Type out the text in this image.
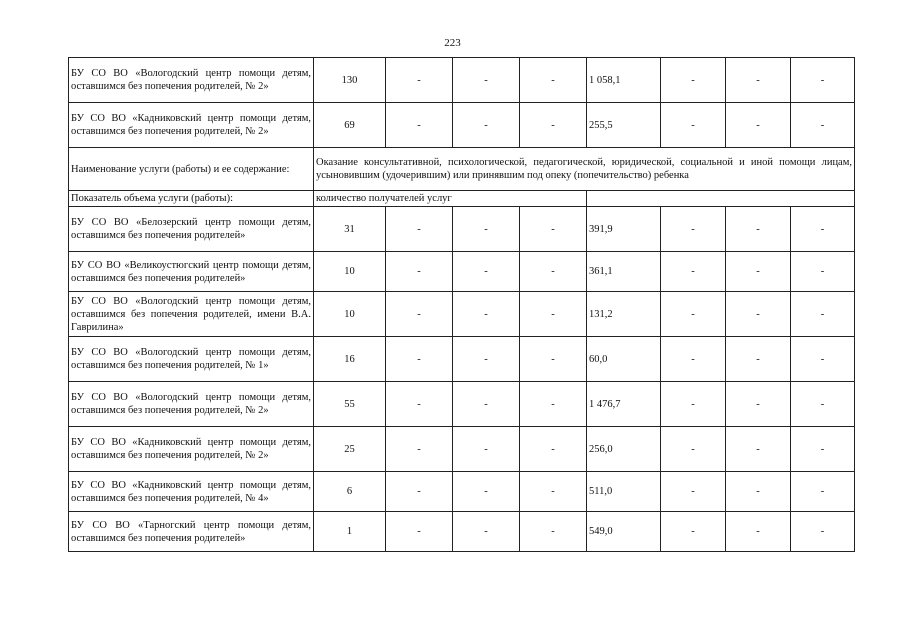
223
БУ СО ВО «Вологодский центр помощи детям, оставшимся без попечения родителей, № 2»	130	-	-	-	1 058,1	-	-	-
БУ СО ВО «Кадниковский центр помощи детям, оставшимся без попечения родителей, № 2»	69	-	-	-	255,5	-	-	-
Наименование услуги (работы) и ее содержание:	Оказание консультативной, психологической, педагогической, юридической, социальной и иной помощи лицам, усыновившим (удочерившим) или принявшим под опеку (попечительство) ребенка							
Показатель объема услуги (работы):	количество получателей услуг							
БУ СО ВО «Белозерский центр помощи детям, оставшимся без попечения родителей»	31	-	-	-	391,9	-	-	-
БУ СО ВО «Великоустюгский центр помощи детям, оставшимся без попечения родителей»	10	-	-	-	361,1	-	-	-
БУ СО ВО «Вологодский центр помощи детям, оставшимся без попечения родителей, имени В.А. Гаврилина»	10	-	-	-	131,2	-	-	-
БУ СО ВО «Вологодский центр помощи детям, оставшимся без попечения родителей, № 1»	16	-	-	-	60,0	-	-	-
БУ СО ВО «Вологодский центр помощи детям, оставшимся без попечения родителей, № 2»	55	-	-	-	1 476,7	-	-	-
БУ СО ВО «Кадниковский центр помощи детям, оставшимся без попечения родителей, № 2»	25	-	-	-	256,0	-	-	-
БУ СО ВО «Кадниковский центр помощи детям, оставшимся без попечения родителей, № 4»	6	-	-	-	511,0	-	-	-
БУ СО ВО «Тарногский центр помощи детям, оставшимся без попечения родителей»	1	-	-	-	549,0	-	-	-
